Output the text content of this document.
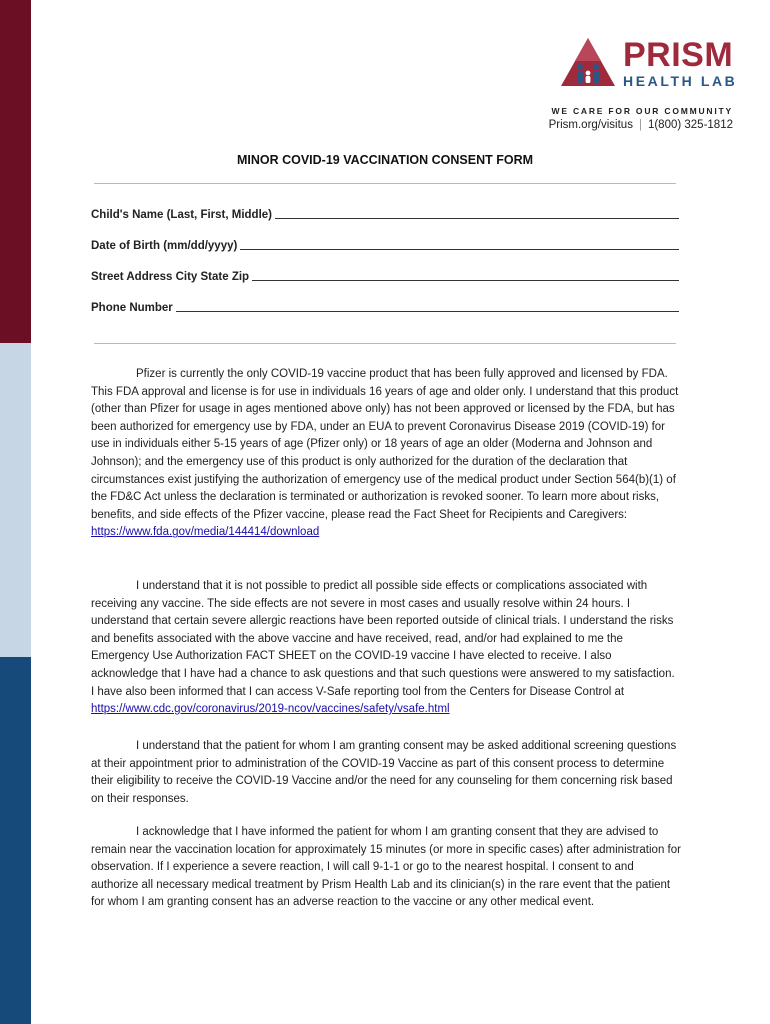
PRISM
HEALTH LAB
WE CARE FOR OUR COMMUNITY
Prism.org/visitus | 1(800) 325-1812
MINOR COVID-19 VACCINATION CONSENT FORM
Child's Name (Last, First, Middle)
Date of Birth (mm/dd/yyyy)
Street Address City State Zip
Phone Number

Pfizer is currently the only COVID-19 vaccine product that has been fully approved and licensed by FDA. This FDA approval and license is for use in individuals 16 years of age and older only. I understand that this product (other than Pfizer for usage in ages mentioned above only) has not been approved or licensed by the FDA, but has been authorized for emergency use by FDA, under an EUA to prevent Coronavirus Disease 2019 (COVID-19) for use in individuals either 5-15 years of age (Pfizer only) or 18 years of age an older (Moderna and Johnson and Johnson); and the emergency use of this product is only authorized for the duration of the declaration that circumstances exist justifying the authorization of emergency use of the medical product under Section 564(b)(1) of the FD&C Act unless the declaration is terminated or authorization is revoked sooner. To learn more about risks, benefits, and side effects of the Pfizer vaccine, please read the Fact Sheet for Recipients and Caregivers:
https://www.fda.gov/media/144414/download

I understand that it is not possible to predict all possible side effects or complications associated with receiving any vaccine. The side effects are not severe in most cases and usually resolve within 24 hours. I understand that certain severe allergic reactions have been reported outside of clinical trials. I understand the risks and benefits associated with the above vaccine and have received, read, and/or had explained to me the Emergency Use Authorization FACT SHEET on the COVID-19 vaccine I have elected to receive. I also acknowledge that I have had a chance to ask questions and that such questions were answered to my satisfaction. I have also been informed that I can access V-Safe reporting tool from the Centers for Disease Control at https://www.cdc.gov/coronavirus/2019-ncov/vaccines/safety/vsafe.html

I understand that the patient for whom I am granting consent may be asked additional screening questions at their appointment prior to administration of the COVID-19 Vaccine as part of this consent process to determine their eligibility to receive the COVID-19 Vaccine and/or the need for any counseling for them concerning risk based on their responses.

I acknowledge that I have informed the patient for whom I am granting consent that they are advised to remain near the vaccination location for approximately 15 minutes (or more in specific cases) after administration for observation. If I experience a severe reaction, I will call 9-1-1 or go to the nearest hospital. I consent to and authorize all necessary medical treatment by Prism Health Lab and its clinician(s) in the rare event that the patient for whom I am granting consent has an adverse reaction to the vaccine or any other medical event.
